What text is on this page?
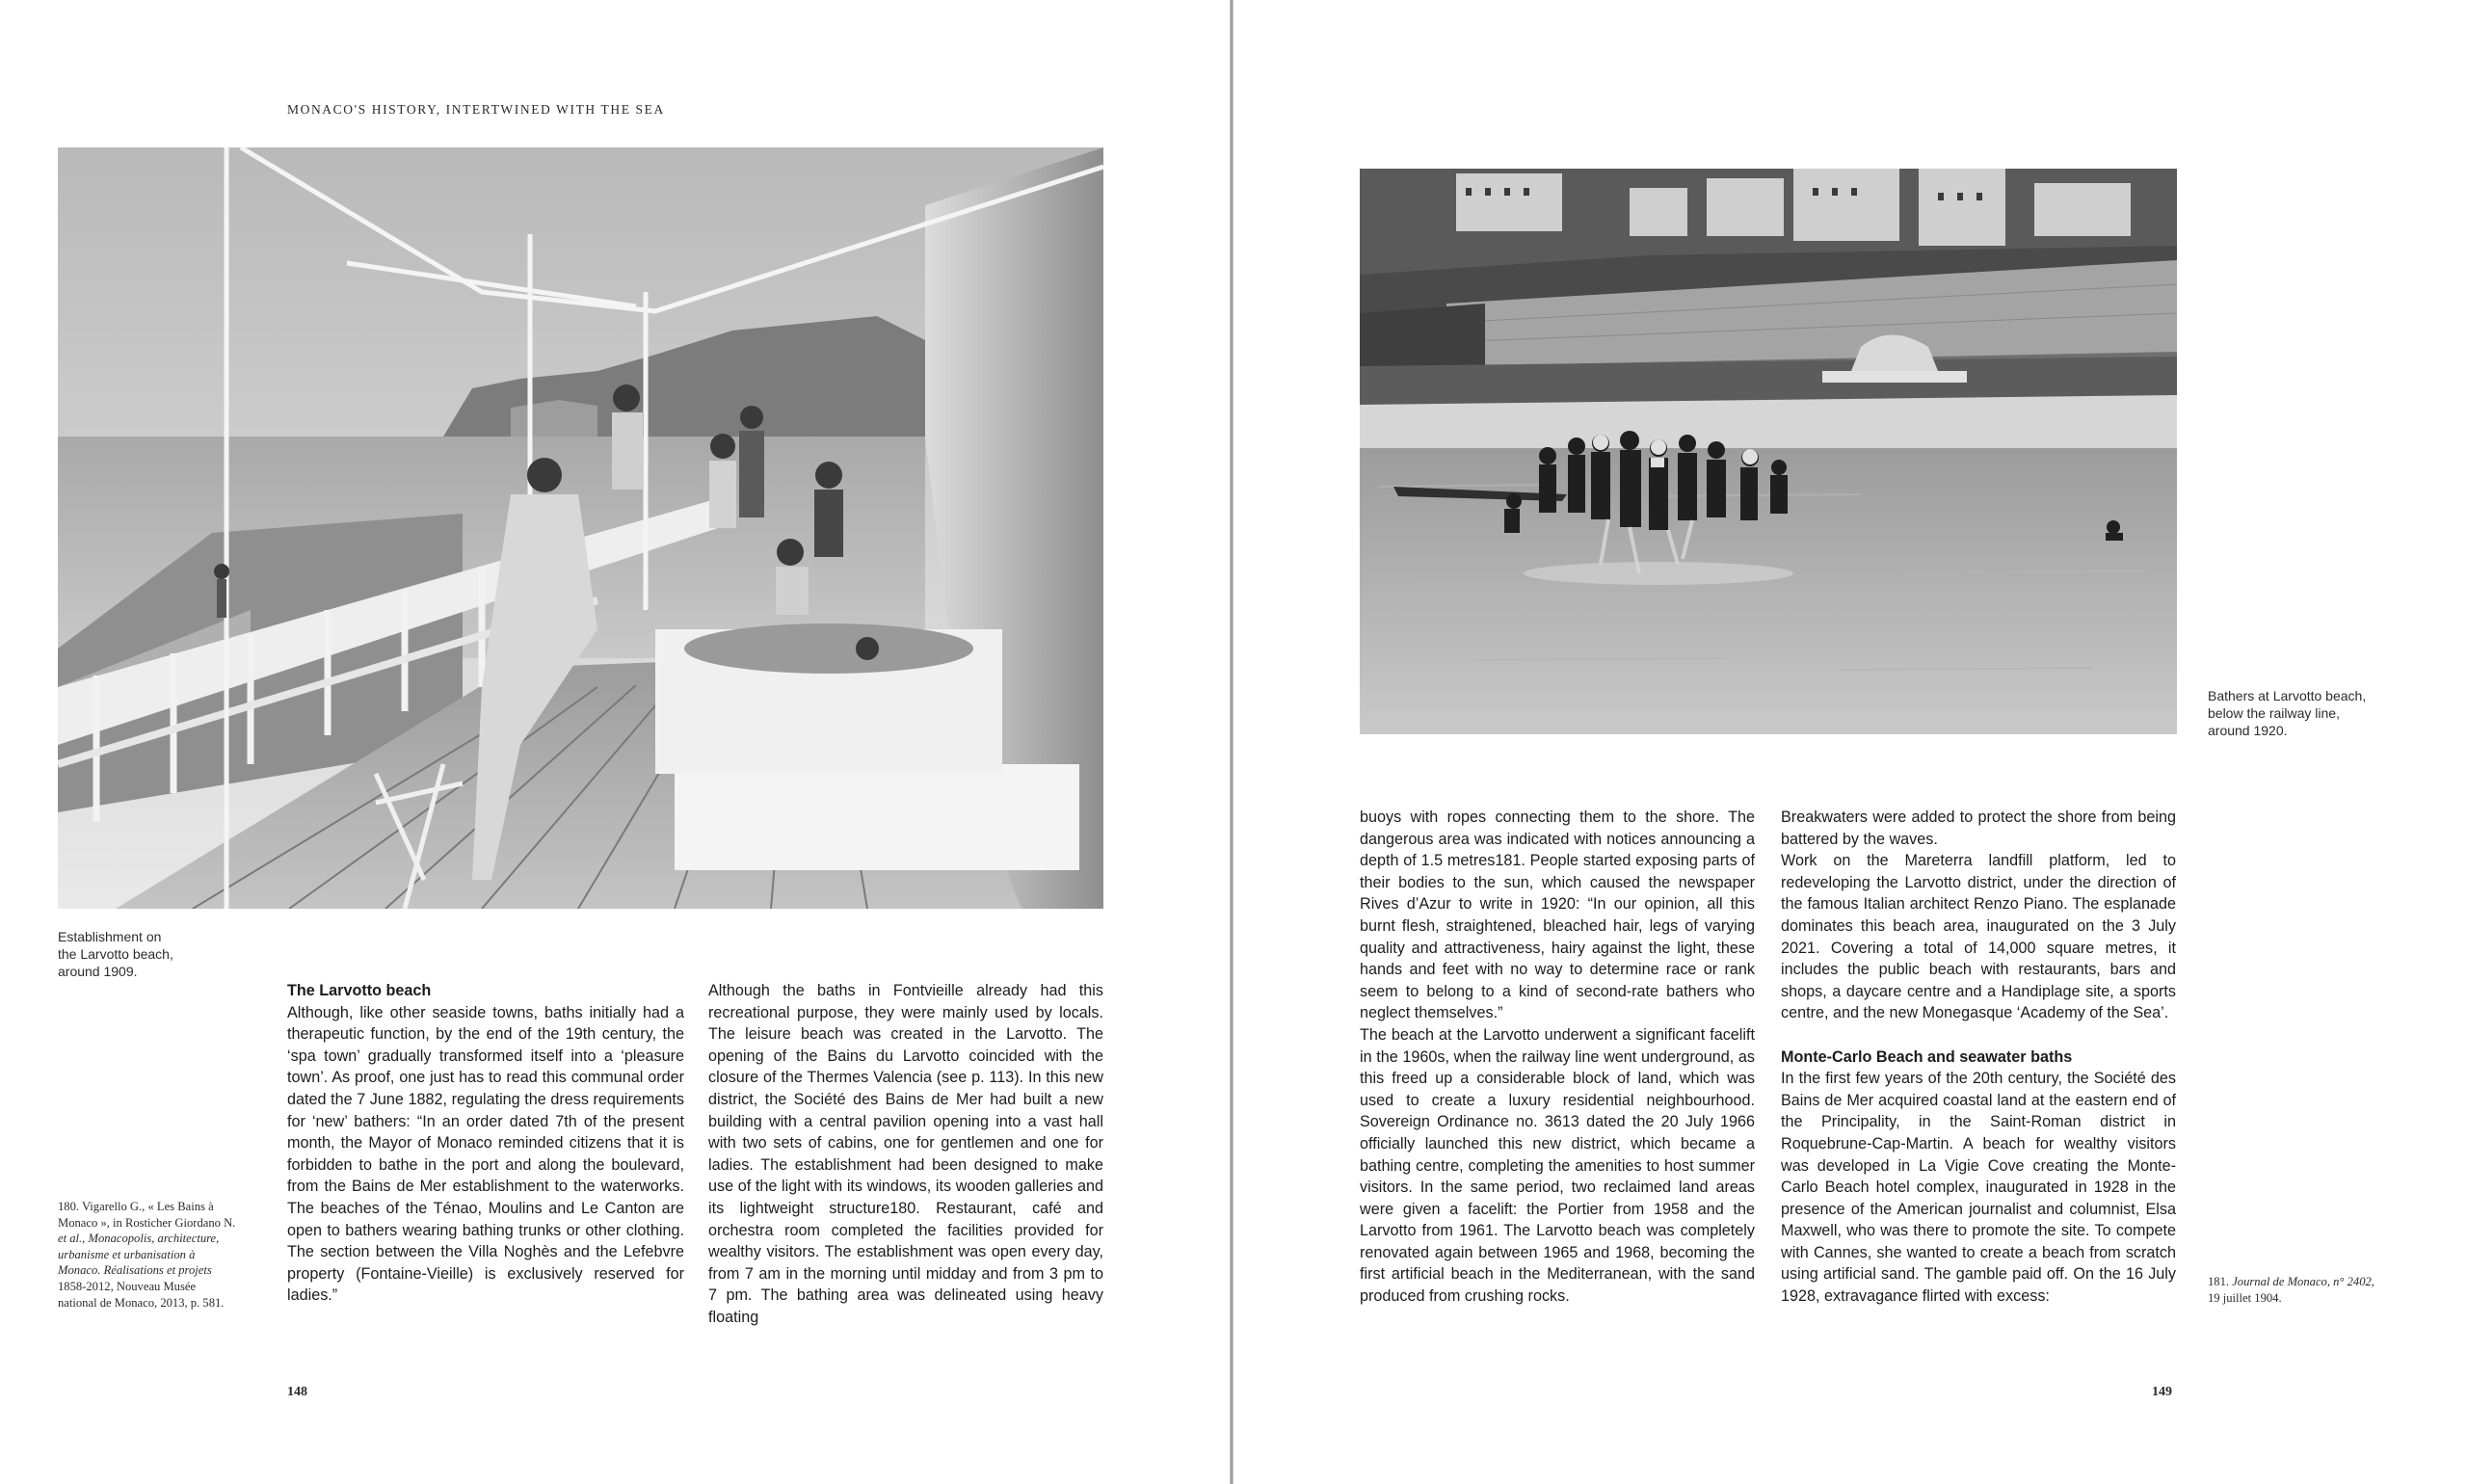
MONACO'S HISTORY, INTERTWINED WITH THE SEA
Establishment on
the Larvotto beach,
around 1909.
The Larvotto beach

Although, like other seaside towns, baths initially had a therapeutic function, by the end of the 19th century, the ‘spa town’ gradually transformed itself into a ‘pleasure town’. As proof, one just has to read this communal order dated the 7 June 1882, regulating the dress requirements for ‘new’ bathers: “In an order dated 7th of the present month, the Mayor of Monaco reminded citizens that it is forbidden to bathe in the port and along the boulevard, from the Bains de Mer establishment to the waterworks. The beaches of the Ténao, Moulins and Le Canton are open to bathers wearing bathing trunks or other clothing. The section between the Villa Noghès and the Lefebvre property (Fontaine-Vieille) is exclusively reserved for ladies.”

Although the baths in Fontvieille already had this recreational purpose, they were mainly used by locals. The leisure beach was created in the Larvotto. The opening of the Bains du Larvotto coincided with the closure of the Thermes Valencia (see p. 113). In this new district, the Société des Bains de Mer had built a new building with a central pavilion opening into a vast hall with two sets of cabins, one for gentlemen and one for ladies. The establishment had been designed to make use of the light with its windows, its wooden galleries and its lightweight structure180. Restaurant, café and orchestra room completed the facilities provided for wealthy visitors. The establishment was open every day, from 7 am in the morning until midday and from 3 pm to 7 pm. The bathing area was delineated using heavy floating

180. Vigarello G., « Les Bains à
Monaco », in Rosticher Giordano N.
et al., Monacopolis, architecture,
urbanisme et urbanisation à
Monaco. Réalisations et projets
1858-2012, Nouveau Musée
national de Monaco, 2013, p. 581.
148
Bathers at Larvotto beach,
below the railway line,
around 1920.

buoys with ropes connecting them to the shore. The dangerous area was indicated with notices announcing a depth of 1.5 metres181. People started exposing parts of their bodies to the sun, which caused the newspaper Rives d’Azur to write in 1920: “In our opinion, all this burnt flesh, straightened, bleached hair, legs of varying quality and attractiveness, hairy against the light, these hands and feet with no way to determine race or rank seem to belong to a kind of second-rate bathers who neglect themselves.”

The beach at the Larvotto underwent a significant facelift in the 1960s, when the railway line went underground, as this freed up a considerable block of land, which was used to create a luxury residential neighbourhood. Sovereign Ordinance no. 3613 dated the 20 July 1966 officially launched this new district, which became a bathing centre, completing the amenities to host summer visitors. In the same period, two reclaimed land areas were given a facelift: the Portier from 1958 and the Larvotto from 1961. The Larvotto beach was completely renovated again between 1965 and 1968, becoming the first artificial beach in the Mediterranean, with the sand produced from crushing rocks.

Breakwaters were added to protect the shore from being battered by the waves.

Work on the Mareterra landfill platform, led to redeveloping the Larvotto district, under the direction of the famous Italian architect Renzo Piano. The esplanade dominates this beach area, inaugurated on the 3 July 2021. Covering a total of 14,000 square metres, it includes the public beach with restaurants, bars and shops, a daycare centre and a Handiplage site, a sports centre, and the new Monegasque ‘Academy of the Sea’.

Monte-Carlo Beach and seawater baths

In the first few years of the 20th century, the Société des Bains de Mer acquired coastal land at the eastern end of the Principality, in the Saint-Roman district in Roquebrune-Cap-Martin. A beach for wealthy visitors was developed in La Vigie Cove creating the Monte-Carlo Beach hotel complex, inaugurated in 1928 in the presence of the American journalist and columnist, Elsa Maxwell, who was there to promote the site. To compete with Cannes, she wanted to create a beach from scratch using artificial sand. The gamble paid off. On the 16 July 1928, extravagance flirted with excess:

181. Journal de Monaco, n° 2402,
19 juillet 1904.
149
